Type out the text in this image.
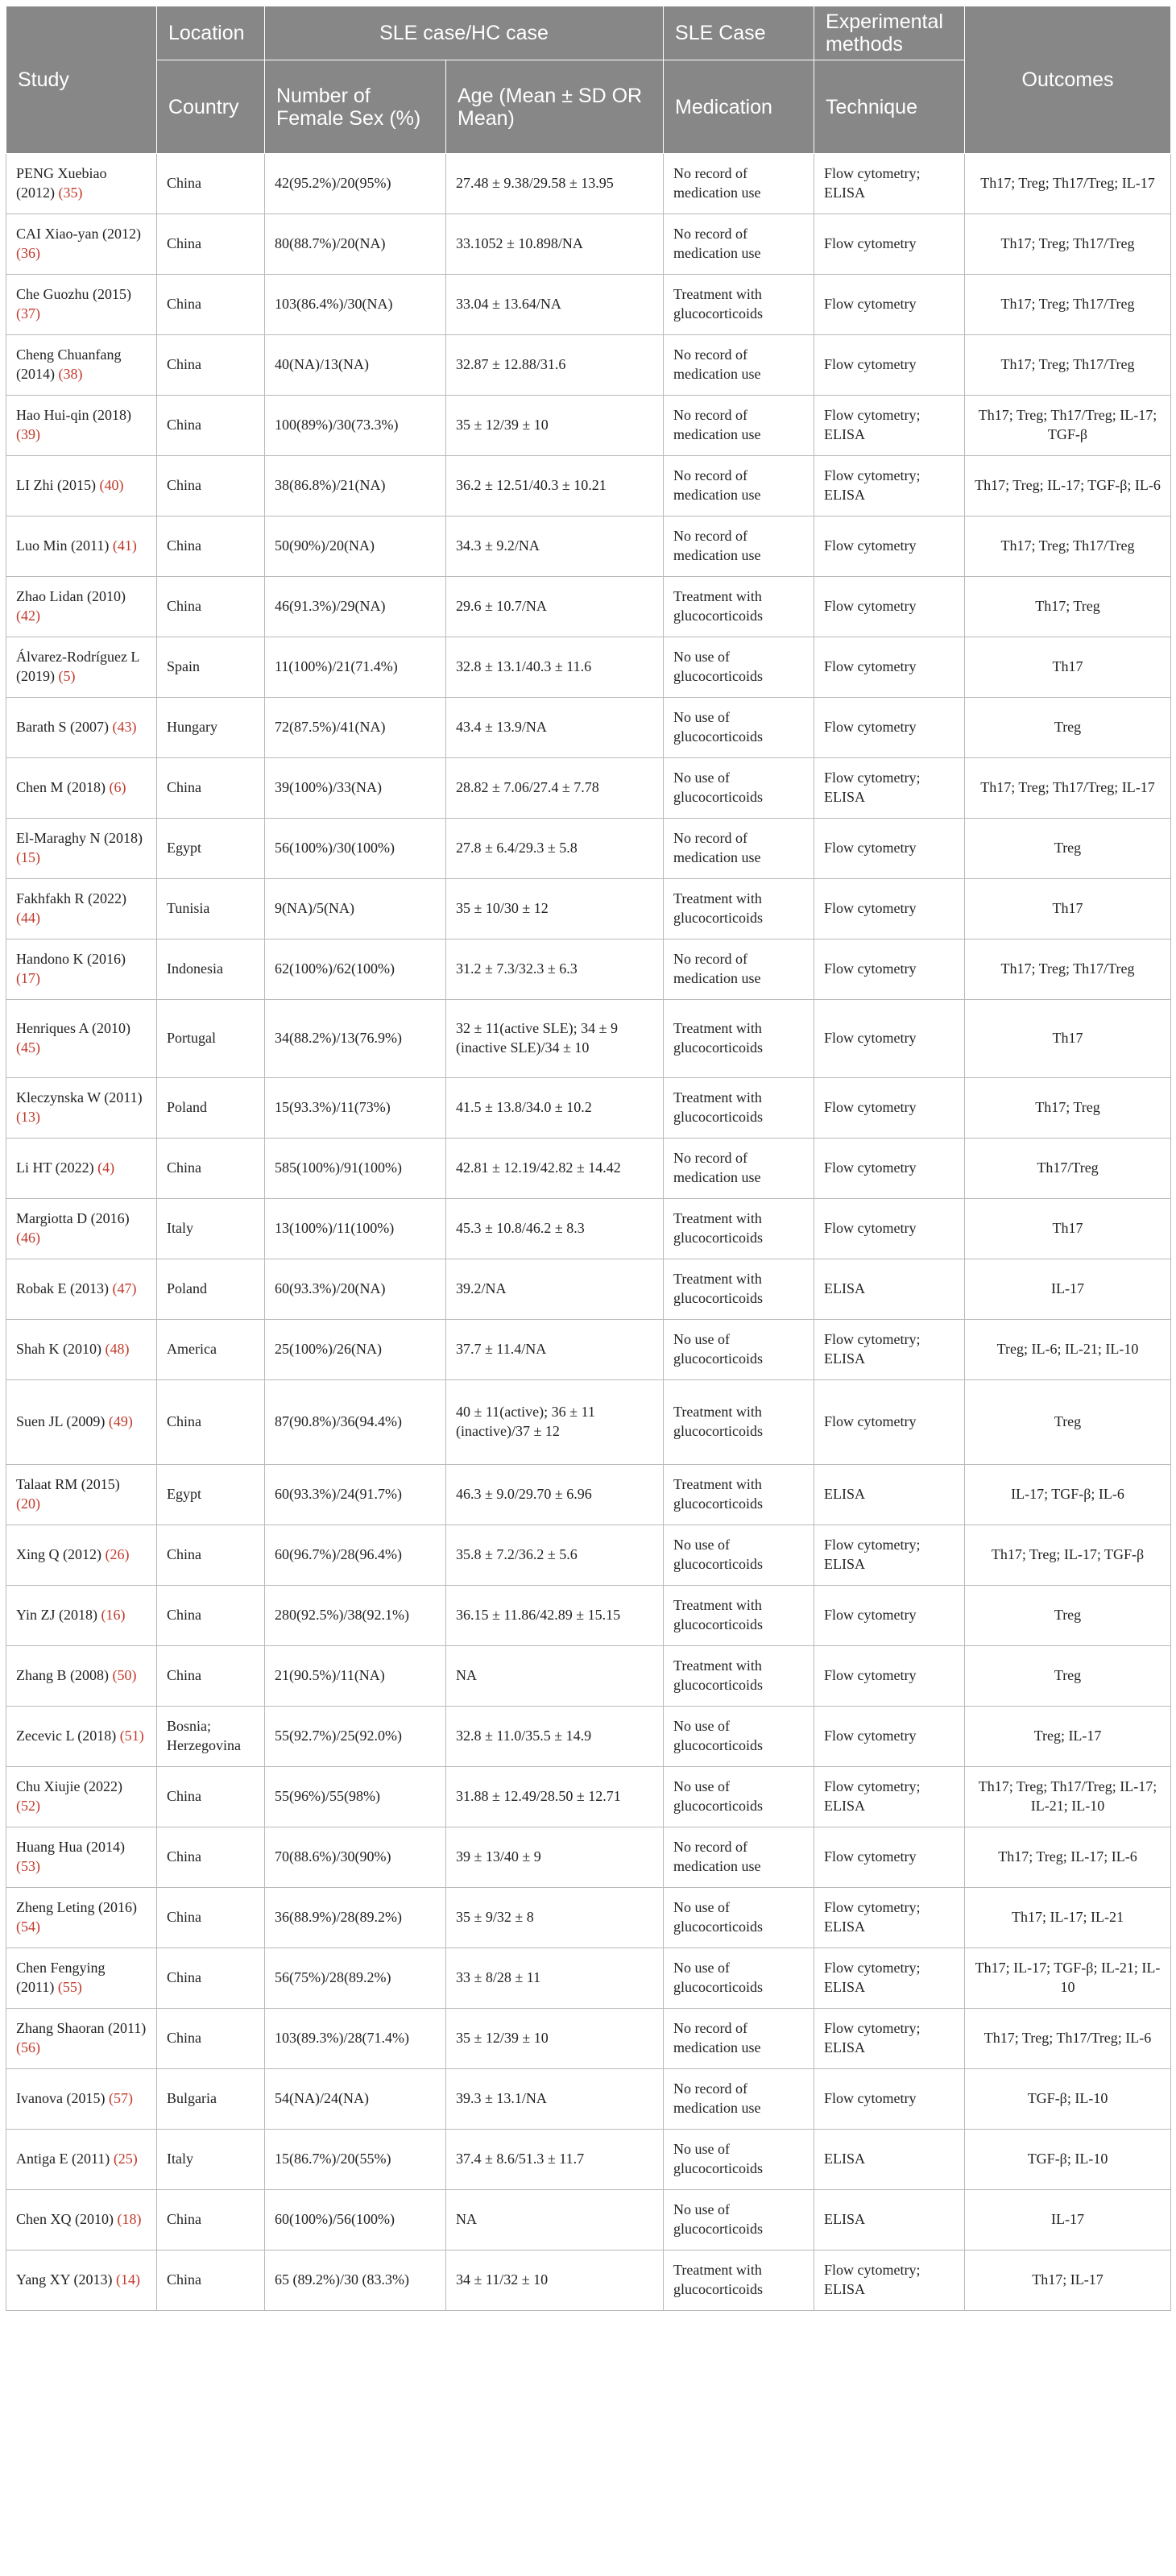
Study	Location	SLE case/HC case		SLE Case	Experimental methods	Outcomes
	Country	Number of Female Sex (%)	Age (Mean ± SD OR Mean)	Medication	Technique	
PENG Xuebiao (2012) (35)	China	42(95.2%)/20(95%)	27.48 ± 9.38/29.58 ± 13.95	No record of medication use	Flow cytometry; ELISA	Th17; Treg; Th17/Treg; IL-17
CAI Xiao-yan (2012) (36)	China	80(88.7%)/20(NA)	33.1052 ± 10.898/NA	No record of medication use	Flow cytometry	Th17; Treg; Th17/Treg
Che Guozhu (2015) (37)	China	103(86.4%)/30(NA)	33.04 ± 13.64/NA	Treatment with glucocorticoids	Flow cytometry	Th17; Treg; Th17/Treg
Cheng Chuanfang (2014) (38)	China	40(NA)/13(NA)	32.87 ± 12.88/31.6	No record of medication use	Flow cytometry	Th17; Treg; Th17/Treg
Hao Hui-qin (2018) (39)	China	100(89%)/30(73.3%)	35 ± 12/39 ± 10	No record of medication use	Flow cytometry; ELISA	Th17; Treg; Th17/Treg; IL-17; TGF-β
LI Zhi (2015) (40)	China	38(86.8%)/21(NA)	36.2 ± 12.51/40.3 ± 10.21	No record of medication use	Flow cytometry; ELISA	Th17; Treg; IL-17; TGF-β; IL-6
Luo Min (2011) (41)	China	50(90%)/20(NA)	34.3 ± 9.2/NA	No record of medication use	Flow cytometry	Th17; Treg; Th17/Treg
Zhao Lidan (2010) (42)	China	46(91.3%)/29(NA)	29.6 ± 10.7/NA	Treatment with glucocorticoids	Flow cytometry	Th17; Treg
Álvarez-Rodríguez L (2019) (5)	Spain	11(100%)/21(71.4%)	32.8 ± 13.1/40.3 ± 11.6	No use of glucocorticoids	Flow cytometry	Th17
Barath S (2007) (43)	Hungary	72(87.5%)/41(NA)	43.4 ± 13.9/NA	No use of glucocorticoids	Flow cytometry	Treg
Chen M (2018) (6)	China	39(100%)/33(NA)	28.82 ± 7.06/27.4 ± 7.78	No use of glucocorticoids	Flow cytometry; ELISA	Th17; Treg; Th17/Treg; IL-17
El-Maraghy N (2018) (15)	Egypt	56(100%)/30(100%)	27.8 ± 6.4/29.3 ± 5.8	No record of medication use	Flow cytometry	Treg
Fakhfakh R (2022) (44)	Tunisia	9(NA)/5(NA)	35 ± 10/30 ± 12	Treatment with glucocorticoids	Flow cytometry	Th17
Handono K (2016) (17)	Indonesia	62(100%)/62(100%)	31.2 ± 7.3/32.3 ± 6.3	No record of medication use	Flow cytometry	Th17; Treg; Th17/Treg
Henriques A (2010) (45)	Portugal	34(88.2%)/13(76.9%)	32 ± 11(active SLE); 34 ± 9 (inactive SLE)/34 ± 10	Treatment with glucocorticoids	Flow cytometry	Th17
Kleczynska W (2011) (13)	Poland	15(93.3%)/11(73%)	41.5 ± 13.8/34.0 ± 10.2	Treatment with glucocorticoids	Flow cytometry	Th17; Treg
Li HT (2022) (4)	China	585(100%)/91(100%)	42.81 ± 12.19/42.82 ± 14.42	No record of medication use	Flow cytometry	Th17/Treg
Margiotta D (2016) (46)	Italy	13(100%)/11(100%)	45.3 ± 10.8/46.2 ± 8.3	Treatment with glucocorticoids	Flow cytometry	Th17
Robak E (2013) (47)	Poland	60(93.3%)/20(NA)	39.2/NA	Treatment with glucocorticoids	ELISA	IL-17
Shah K (2010) (48)	America	25(100%)/26(NA)	37.7 ± 11.4/NA	No use of glucocorticoids	Flow cytometry; ELISA	Treg; IL-6; IL-21; IL-10
Suen JL (2009) (49)	China	87(90.8%)/36(94.4%)	40 ± 11(active); 36 ± 11 (inactive)/37 ± 12	Treatment with glucocorticoids	Flow cytometry	Treg
Talaat RM (2015) (20)	Egypt	60(93.3%)/24(91.7%)	46.3 ± 9.0/29.70 ± 6.96	Treatment with glucocorticoids	ELISA	IL-17; TGF-β; IL-6
Xing Q (2012) (26)	China	60(96.7%)/28(96.4%)	35.8 ± 7.2/36.2 ± 5.6	No use of glucocorticoids	Flow cytometry; ELISA	Th17; Treg; IL-17; TGF-β
Yin ZJ (2018) (16)	China	280(92.5%)/38(92.1%)	36.15 ± 11.86/42.89 ± 15.15	Treatment with glucocorticoids	Flow cytometry	Treg
Zhang B (2008) (50)	China	21(90.5%)/11(NA)	NA	Treatment with glucocorticoids	Flow cytometry	Treg
Zecevic L (2018) (51)	Bosnia; Herzegovina	55(92.7%)/25(92.0%)	32.8 ± 11.0/35.5 ± 14.9	No use of glucocorticoids	Flow cytometry	Treg; IL-17
Chu Xiujie (2022) (52)	China	55(96%)/55(98%)	31.88 ± 12.49/28.50 ± 12.71	No use of glucocorticoids	Flow cytometry; ELISA	Th17; Treg; Th17/Treg; IL-17; IL-21; IL-10
Huang Hua (2014) (53)	China	70(88.6%)/30(90%)	39 ± 13/40 ± 9	No record of medication use	Flow cytometry	Th17; Treg; IL-17; IL-6
Zheng Leting (2016) (54)	China	36(88.9%)/28(89.2%)	35 ± 9/32 ± 8	No use of glucocorticoids	Flow cytometry; ELISA	Th17; IL-17; IL-21
Chen Fengying (2011) (55)	China	56(75%)/28(89.2%)	33 ± 8/28 ± 11	No use of glucocorticoids	Flow cytometry; ELISA	Th17; IL-17; TGF-β; IL-21; IL-10
Zhang Shaoran (2011) (56)	China	103(89.3%)/28(71.4%)	35 ± 12/39 ± 10	No record of medication use	Flow cytometry; ELISA	Th17; Treg; Th17/Treg; IL-6
Ivanova (2015) (57)	Bulgaria	54(NA)/24(NA)	39.3 ± 13.1/NA	No record of medication use	Flow cytometry	TGF-β; IL-10
Antiga E (2011) (25)	Italy	15(86.7%)/20(55%)	37.4 ± 8.6/51.3 ± 11.7	No use of glucocorticoids	ELISA	TGF-β; IL-10
Chen XQ (2010) (18)	China	60(100%)/56(100%)	NA	No use of glucocorticoids	ELISA	IL-17
Yang XY (2013) (14)	China	65 (89.2%)/30 (83.3%)	34 ± 11/32 ± 10	Treatment with glucocorticoids	Flow cytometry; ELISA	Th17; IL-17
